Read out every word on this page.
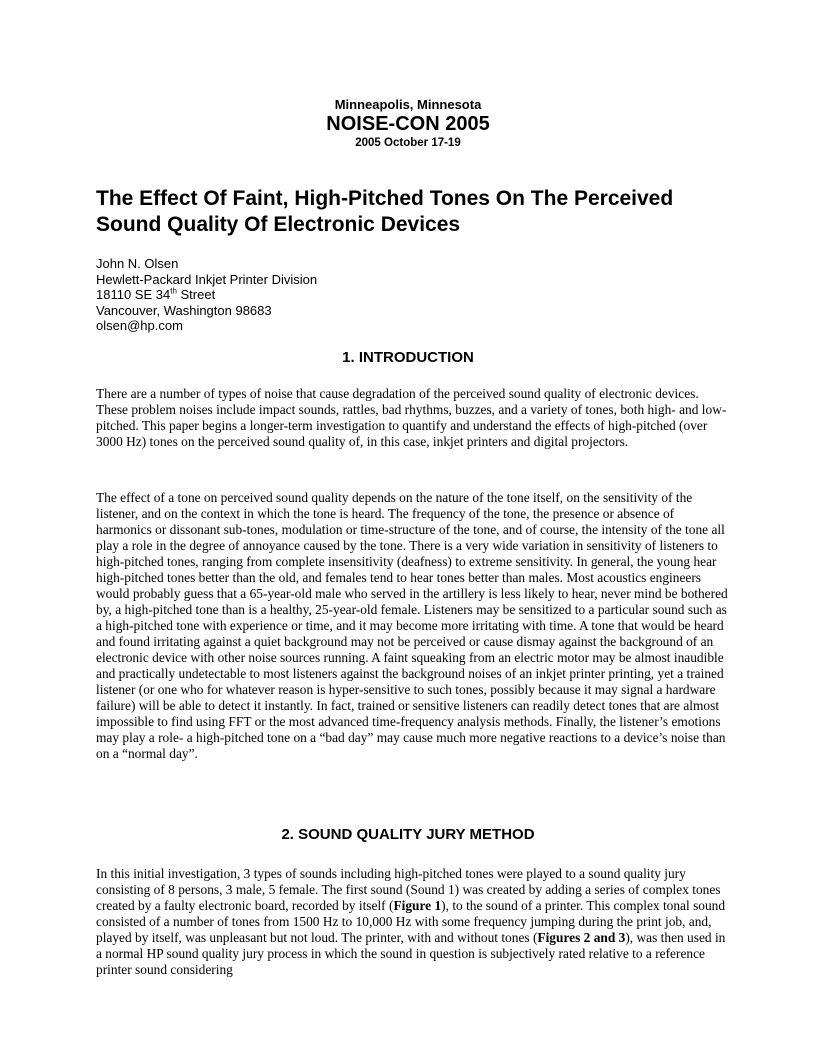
Minneapolis, Minnesota
NOISE-CON 2005
2005 October 17-19
The Effect Of Faint, High-Pitched Tones On The Perceived Sound Quality Of Electronic Devices
John N. Olsen
Hewlett-Packard Inkjet Printer Division
18110 SE 34th Street
Vancouver, Washington 98683
olsen@hp.com
1. INTRODUCTION

There are a number of types of noise that cause degradation of the perceived sound quality of electronic devices. These problem noises include impact sounds, rattles, bad rhythms, buzzes, and a variety of tones, both high- and low-pitched. This paper begins a longer-term investigation to quantify and understand the effects of high-pitched (over 3000 Hz) tones on the perceived sound quality of, in this case, inkjet printers and digital projectors.

The effect of a tone on perceived sound quality depends on the nature of the tone itself, on the sensitivity of the listener, and on the context in which the tone is heard. The frequency of the tone, the presence or absence of harmonics or dissonant sub-tones, modulation or time-structure of the tone, and of course, the intensity of the tone all play a role in the degree of annoyance caused by the tone. There is a very wide variation in sensitivity of listeners to high-pitched tones, ranging from complete insensitivity (deafness) to extreme sensitivity. In general, the young hear high-pitched tones better than the old, and females tend to hear tones better than males. Most acoustics engineers would probably guess that a 65-year-old male who served in the artillery is less likely to hear, never mind be bothered by, a high-pitched tone than is a healthy, 25-year-old female. Listeners may be sensitized to a particular sound such as a high-pitched tone with experience or time, and it may become more irritating with time. A tone that would be heard and found irritating against a quiet background may not be perceived or cause dismay against the background of an electronic device with other noise sources running. A faint squeaking from an electric motor may be almost inaudible and practically undetectable to most listeners against the background noises of an inkjet printer printing, yet a trained listener (or one who for whatever reason is hyper-sensitive to such tones, possibly because it may signal a hardware failure) will be able to detect it instantly. In fact, trained or sensitive listeners can readily detect tones that are almost impossible to find using FFT or the most advanced time-frequency analysis methods. Finally, the listener’s emotions may play a role- a high-pitched tone on a “bad day” may cause much more negative reactions to a device’s noise than on a “normal day”.

2. SOUND QUALITY JURY METHOD

In this initial investigation, 3 types of sounds including high-pitched tones were played to a sound quality jury consisting of 8 persons, 3 male, 5 female. The first sound (Sound 1) was created by adding a series of complex tones created by a faulty electronic board, recorded by itself (Figure 1), to the sound of a printer. This complex tonal sound consisted of a number of tones from 1500 Hz to 10,000 Hz with some frequency jumping during the print job, and, played by itself, was unpleasant but not loud. The printer, with and without tones (Figures 2 and 3), was then used in a normal HP sound quality jury process in which the sound in question is subjectively rated relative to a reference printer sound considering
